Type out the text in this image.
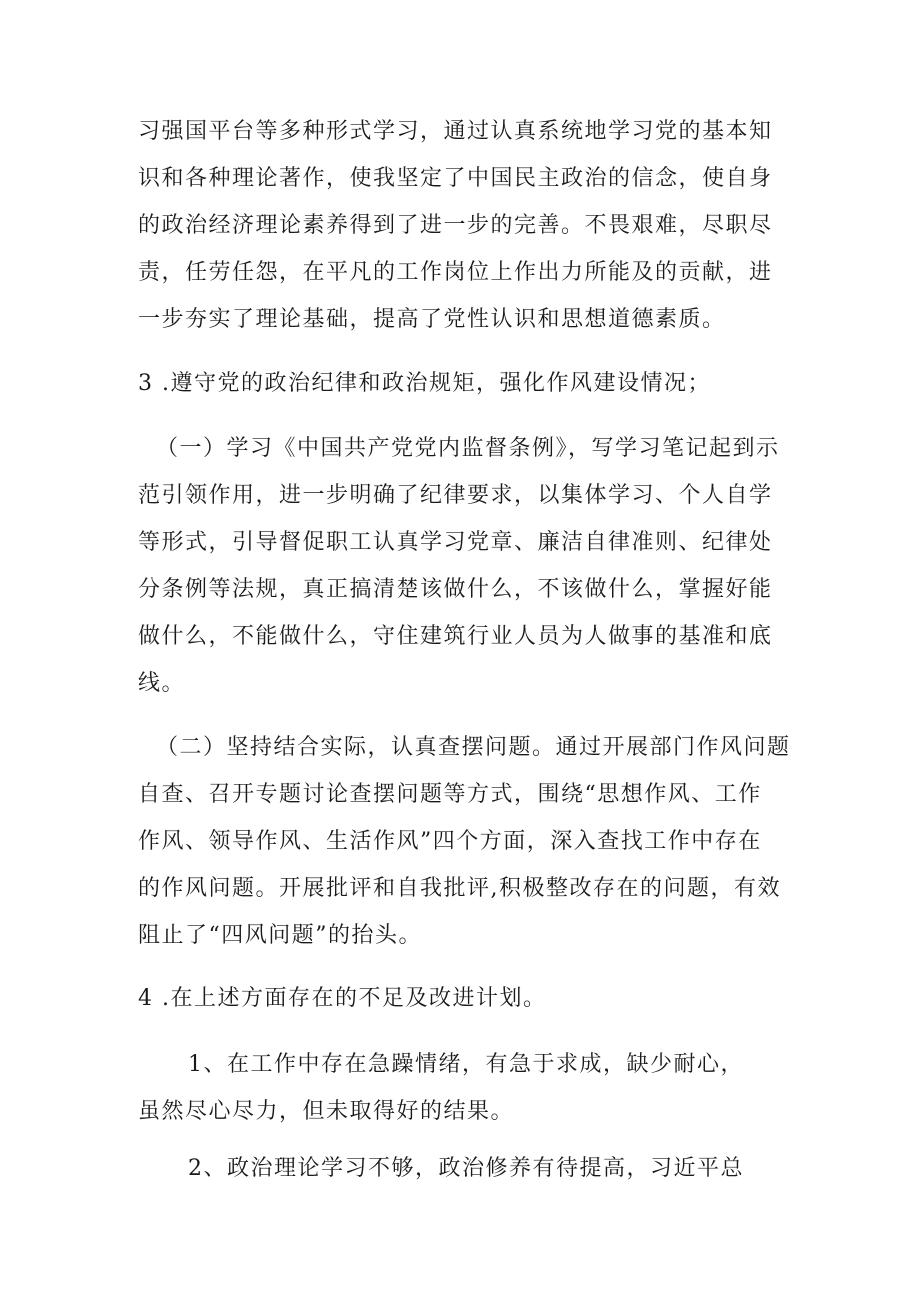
习强国平台等多种形式学习，通过认真系统地学习党的基本知
识和各种理论著作，使我坚定了中国民主政治的信念，使自身
的政治经济理论素养得到了进一步的完善。不畏艰难，尽职尽
责，任劳任怨，在平凡的工作岗位上作出力所能及的贡献，进
一步夯实了理论基础，提高了党性认识和思想道德素质。
3 .遵守党的政治纪律和政治规矩，强化作风建设情况；
（一）学习《中国共产党党内监督条例》，写学习笔记起到示
范引领作用，进一步明确了纪律要求，以集体学习、个人自学
等形式，引导督促职工认真学习党章、廉洁自律准则、纪律处
分条例等法规，真正搞清楚该做什么，不该做什么，掌握好能
做什么，不能做什么，守住建筑行业人员为人做事的基准和底
线。
（二）坚持结合实际，认真查摆问题。通过开展部门作风问题
自查、召开专题讨论查摆问题等方式，围绕“思想作风、工作
作风、领导作风、生活作风”四个方面，深入查找工作中存在
的作风问题。开展批评和自我批评,积极整改存在的问题，有效
阻止了“四风问题”的抬头。
4 .在上述方面存在的不足及改进计划。
1、在工作中存在急躁情绪，有急于求成，缺少耐心，
虽然尽心尽力，但未取得好的结果。
2、政治理论学习不够，政治修养有待提高，习近平总
